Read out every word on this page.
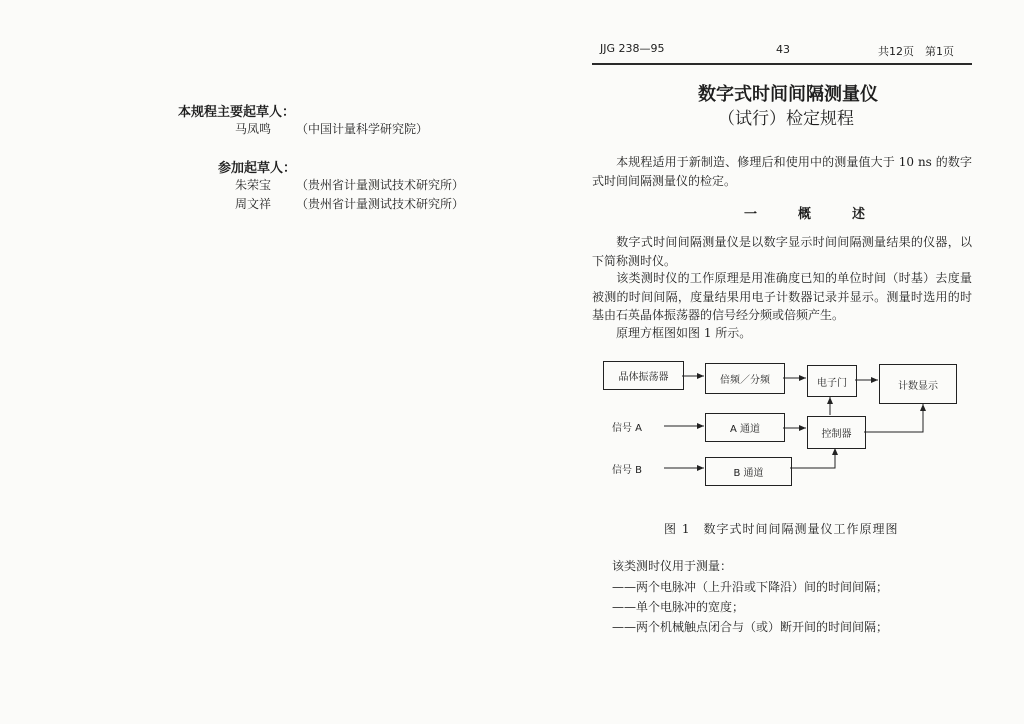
本规程主要起草人：
马凤鸣 （中国计量科学研究院）
参加起草人：
朱荣宝 （贵州省计量测试技术研究所）
周文祥 （贵州省计量测试技术研究所）
JJG 238—95	43	共12页　第1页
数字式时间间隔测量仪
（试行）检定规程
本规程适用于新制造、修理后和使用中的测量值大于 10 ns 的数字式时间间隔测量仪的检定。
一　概　述
数字式时间间隔测量仪是以数字显示时间间隔测量结果的仪器，以下简称测时仪。
该类测时仪的工作原理是用准确度已知的单位时间（时基）去度量被测的时间间隔，度量结果用电子计数器记录并显示。测量时选用的时基由石英晶体振荡器的信号经分频或倍频产生。
原理方框图如图 1 所示。
晶体振荡器	倍频／分频	电子门	计数显示
信号 A	A 通道	控制器
信号 B	B 通道
图 1　数字式时间间隔测量仪工作原理图
该类测时仪用于测量：
——两个电脉冲（上升沿或下降沿）间的时间间隔；
——单个电脉冲的宽度；
——两个机械触点闭合与（或）断开间的时间间隔；
